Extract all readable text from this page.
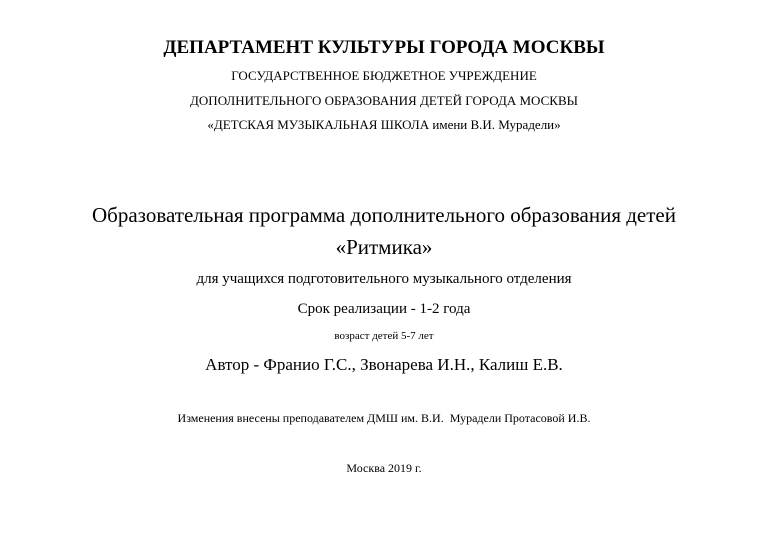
ДЕПАРТАМЕНТ КУЛЬТУРЫ ГОРОДА МОСКВЫ
ГОСУДАРСТВЕННОЕ БЮДЖЕТНОЕ УЧРЕЖДЕНИЕ
ДОПОЛНИТЕЛЬНОГО ОБРАЗОВАНИЯ ДЕТЕЙ ГОРОДА МОСКВЫ
«ДЕТСКАЯ МУЗЫКАЛЬНАЯ ШКОЛА имени В.И. Мурадели»
Образовательная программа дополнительного образования детей
«Ритмика»
для учащихся подготовительного музыкального отделения
Срок реализации - 1-2 года
возраст детей 5-7 лет
Автор - Франио Г.С., Звонарева И.Н., Калиш Е.В.
Изменения внесены преподавателем ДМШ им. В.И.  Мурадели Протасовой И.В.
Москва 2019 г.
